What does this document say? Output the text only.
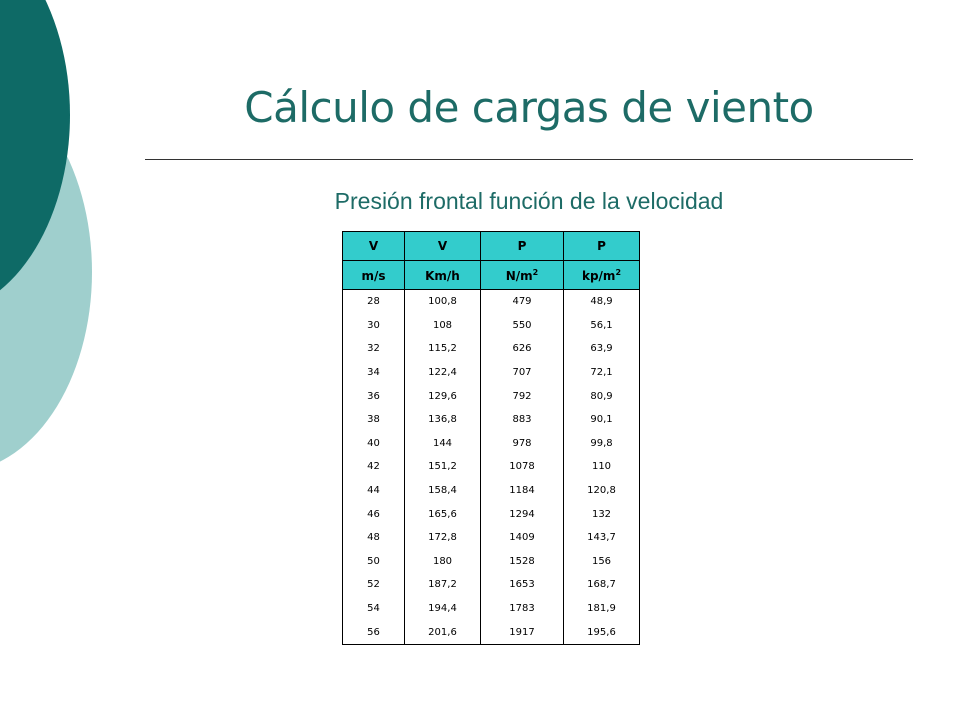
Cálculo de cargas de viento
Presión frontal función de la velocidad
V	V	P	P
m/s	Km/h	$N/m^2$	$kp/m^2$
28	100,8	479	48,9
30	108	550	56,1
32	115,2	626	63,9
34	122,4	707	72,1
36	129,6	792	80,9
38	136,8	883	90,1
40	144	978	99,8
42	151,2	1078	110
44	158,4	1184	120,8
46	165,6	1294	132
48	172,8	1409	143,7
50	180	1528	156
52	187,2	1653	168,7
54	194,4	1783	181,9
56	201,6	1917	195,6
